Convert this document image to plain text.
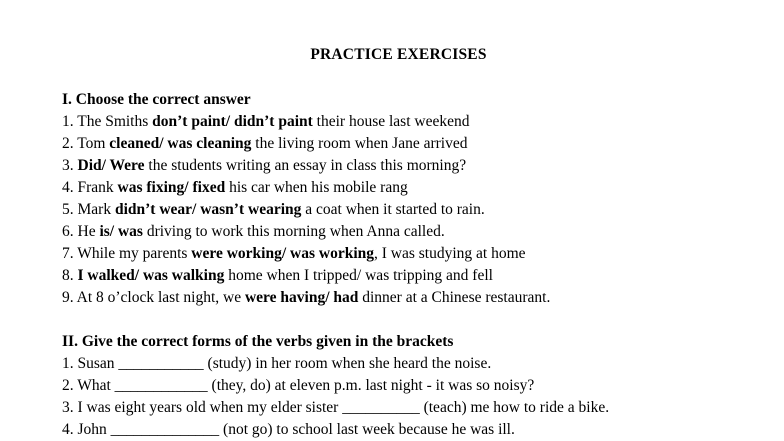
PRACTICE EXERCISES
I. Choose the correct answer
1. The Smiths don’t paint/ didn’t paint their house last weekend
2. Tom cleaned/ was cleaning the living room when Jane arrived
3. Did/ Were the students writing an essay in class this morning?
4. Frank was fixing/ fixed his car when his mobile rang
5. Mark didn’t wear/ wasn’t wearing a coat when it started to rain.
6. He is/ was driving to work this morning when Anna called.
7. While my parents were working/ was working, I was studying at home
8. I walked/ was walking home when I tripped/ was tripping and fell
9. At 8 o’clock last night, we were having/ had dinner at a Chinese restaurant.
II. Give the correct forms of the verbs given in the brackets
1. Susan ___________ (study) in her room when she heard the noise.
2. What ____________ (they, do) at eleven p.m. last night - it was so noisy?
3. I was eight years old when my elder sister __________ (teach) me how to ride a bike.
4. John ______________ (not go) to school last week because he was ill.
